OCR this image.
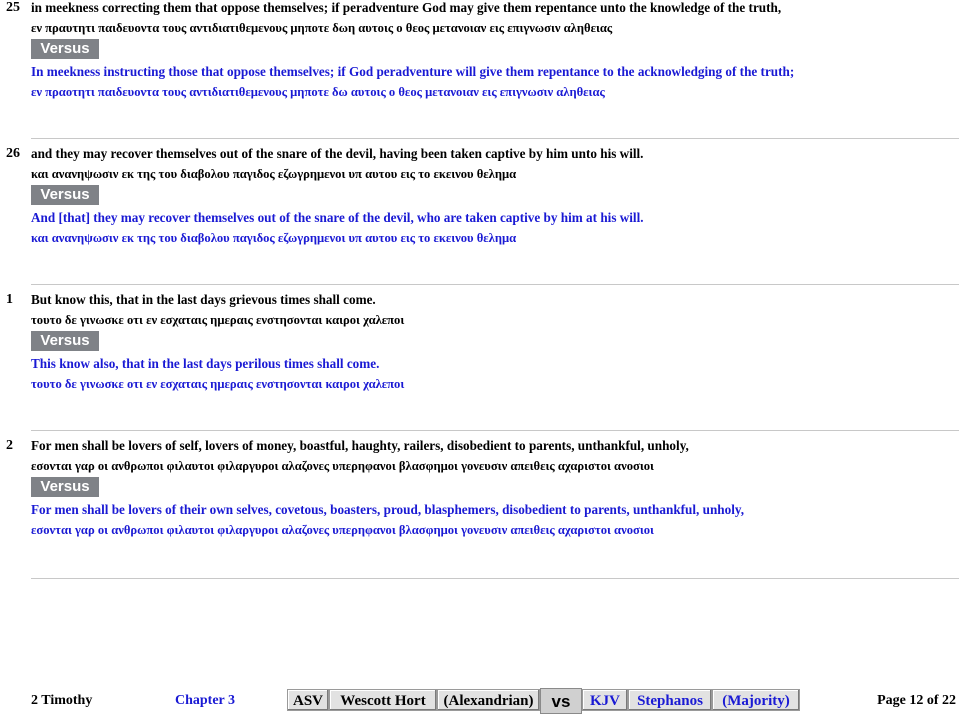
25 in meekness correcting them that oppose themselves; if peradventure God may give them repentance unto the knowledge of the truth,
εν πραυτητι παιδευοντα τους αντιδιατιθεμενους μηποτε δωη αυτοις ο θεος μετανοιαν εις επιγνωσιν αληθειας
Versus
In meekness instructing those that oppose themselves; if God peradventure will give them repentance to the acknowledging of the truth;
εν πραοτητι παιδευοντα τους αντιδιατιθεμενους μηποτε δω αυτοις ο θεος μετανοιαν εις επιγνωσιν αληθειας
26 and they may recover themselves out of the snare of the devil, having been taken captive by him unto his will.
και ανανηψωσιν εκ της του διαβολου παγιδος εζωγρημενοι υπ αυτου εις το εκεινου θελημα
Versus
And [that] they may recover themselves out of the snare of the devil, who are taken captive by him at his will.
και ανανηψωσιν εκ της του διαβολου παγιδος εζωγρημενοι υπ αυτου εις το εκεινου θελημα
1 But know this, that in the last days grievous times shall come.
τουτο δε γινωσκε οτι εν εσχαταις ημεραις ενστησονται καιροι χαλεποι
Versus
This know also, that in the last days perilous times shall come.
τουτο δε γινωσκε οτι εν εσχαταις ημεραις ενστησονται καιροι χαλεποι
2 For men shall be lovers of self, lovers of money, boastful, haughty, railers, disobedient to parents, unthankful, unholy,
εσονται γαρ οι ανθρωποι φιλαυτοι φιλαργυροι αλαζονες υπερηφανοι βλασφημοι γονευσιν απειθεις αχαριστοι ανοσιοι
Versus
For men shall be lovers of their own selves, covetous, boasters, proud, blasphemers, disobedient to parents, unthankful, unholy,
εσονται γαρ οι ανθρωποι φιλαυτοι φιλαργυροι αλαζονες υπερηφανοι βλασφημοι γονευσιν απειθεις αχαριστοι ανοσιοι
2 Timothy	Chapter 3	ASV	Wescott Hort	(Alexandrian)	vs	KJV	Stephanos	(Majority)	Page 12 of 22
